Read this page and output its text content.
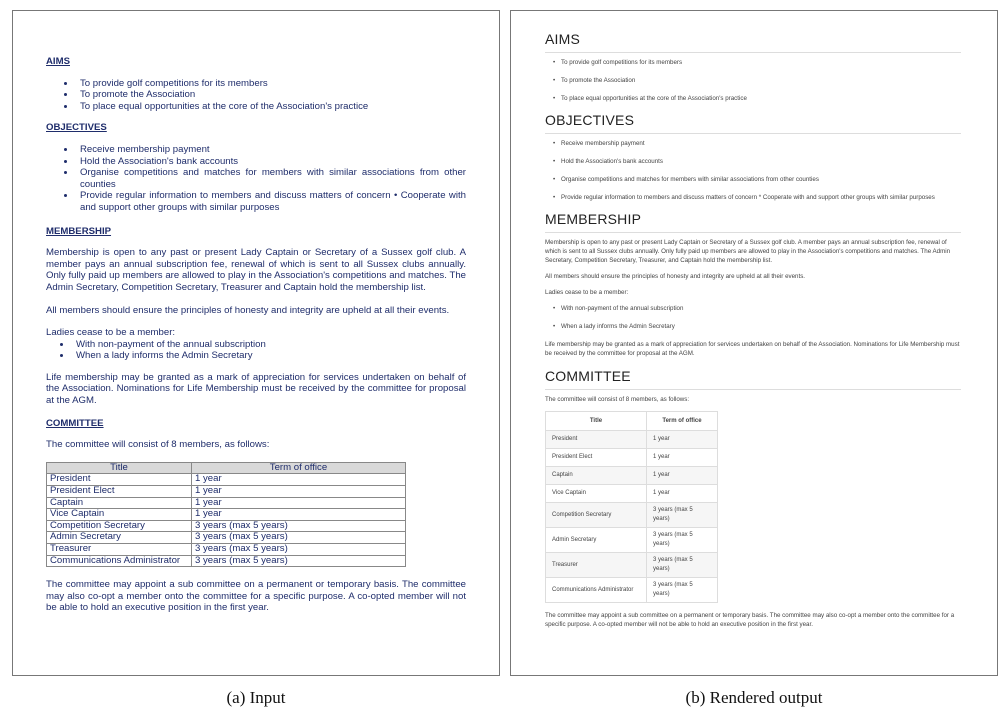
AIMS
• To provide golf competitions for its members
• To promote the Association
• To place equal opportunities at the core of the Association's practice
OBJECTIVES
• Receive membership payment
• Hold the Association's bank accounts
• Organise competitions and matches for members with similar associations from other counties
• Provide regular information to members and discuss matters of concern • Cooperate with and support other groups with similar purposes
MEMBERSHIP

Membership is open to any past or present Lady Captain or Secretary of a Sussex golf club. A member pays an annual subscription fee, renewal of which is sent to all Sussex clubs annually. Only fully paid up members are allowed to play in the Association's competitions and matches. The Admin Secretary, Competition Secretary, Treasurer and Captain hold the membership list.

All members should ensure the principles of honesty and integrity are upheld at all their events.

Ladies cease to be a member:

• With non-payment of the annual subscription
• When a lady informs the Admin Secretary

Life membership may be granted as a mark of appreciation for services undertaken on behalf of the Association. Nominations for Life Membership must be received by the committee for proposal at the AGM.

COMMITTEE

The committee will consist of 8 members, as follows:

Title	Term of office
President	1 year
President Elect	1 year
Captain	1 year
Vice Captain	1 year
Competition Secretary	3 years (max 5 years)
Admin Secretary	3 years (max 5 years)
Treasurer	3 years (max 5 years)
Communications Administrator	3 years (max 5 years)

The committee may appoint a sub committee on a permanent or temporary basis. The committee may also co-opt a member onto the committee for a specific purpose. A co-opted member will not be able to hold an executive position in the first year.

AIMS
• To provide golf competitions for its members
• To promote the Association
• To place equal opportunities at the core of the Association's practice
OBJECTIVES
• Receive membership payment
• Hold the Association's bank accounts
• Organise competitions and matches for members with similar associations from other counties
• Provide regular information to members and discuss matters of concern * Cooperate with and support other groups with similar purposes
MEMBERSHIP

Membership is open to any past or present Lady Captain or Secretary of a Sussex golf club. A member pays an annual subscription fee, renewal of which is sent to all Sussex clubs annually. Only fully paid up members are allowed to play in the Association's competitions and matches. The Admin Secretary, Competition Secretary, Treasurer, and Captain hold the membership list.

All members should ensure the principles of honesty and integrity are upheld at all their events.

Ladies cease to be a member:

• With non-payment of the annual subscription
• When a lady informs the Admin Secretary

Life membership may be granted as a mark of appreciation for services undertaken on behalf of the Association. Nominations for Life Membership must be received by the committee for proposal at the AGM.

COMMITTEE

The committee will consist of 8 members, as follows:

Title	Term of office
President	1 year
President Elect	1 year
Captain	1 year
Vice Captain	1 year
Competition Secretary	3 years (max 5 years)
Admin Secretary	3 years (max 5 years)
Treasurer	3 years (max 5 years)
Communications Administrator	3 years (max 5 years)

The committee may appoint a sub committee on a permanent or temporary basis. The committee may also co-opt a member onto the committee for a specific purpose. A co-opted member will not be able to hold an executive position in the first year.

(a) Input	(b) Rendered output
